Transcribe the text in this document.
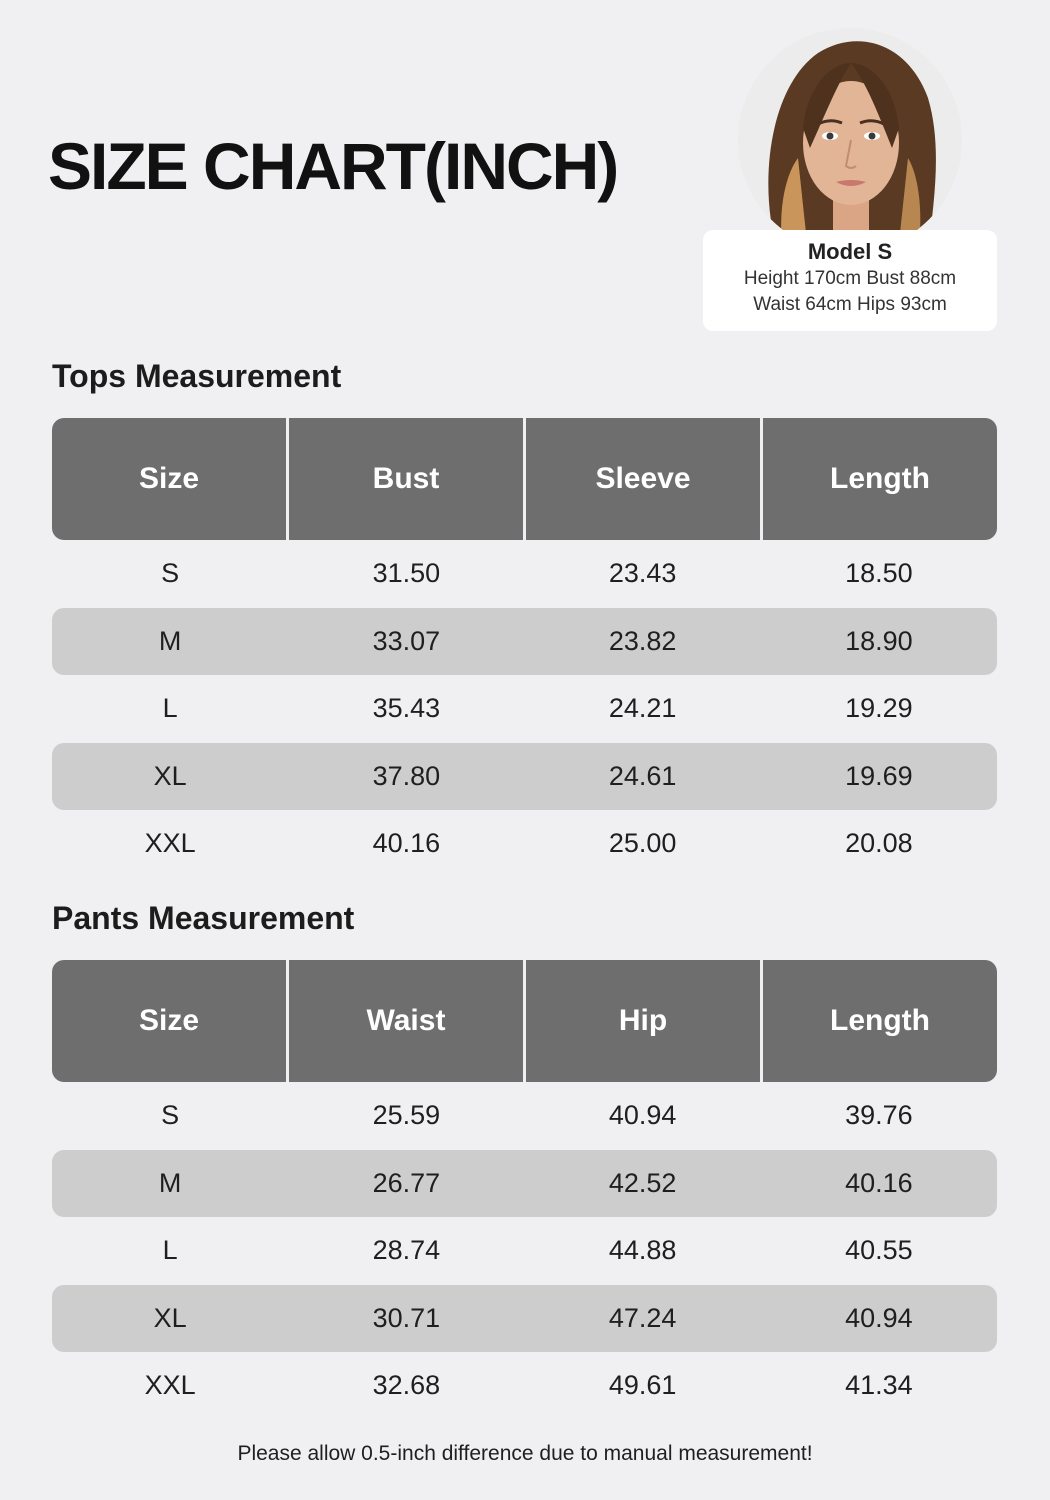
SIZE CHART(INCH)
Model S
Height 170cm Bust 88cm
Waist 64cm Hips 93cm
Tops Measurement
Size	Bust	Sleeve	Length
S	31.50	23.43	18.50
M	33.07	23.82	18.90
L	35.43	24.21	19.29
XL	37.80	24.61	19.69
XXL	40.16	25.00	20.08
Pants Measurement
Size	Waist	Hip	Length
S	25.59	40.94	39.76
M	26.77	42.52	40.16
L	28.74	44.88	40.55
XL	30.71	47.24	40.94
XXL	32.68	49.61	41.34
Please allow 0.5-inch difference due to manual measurement!
